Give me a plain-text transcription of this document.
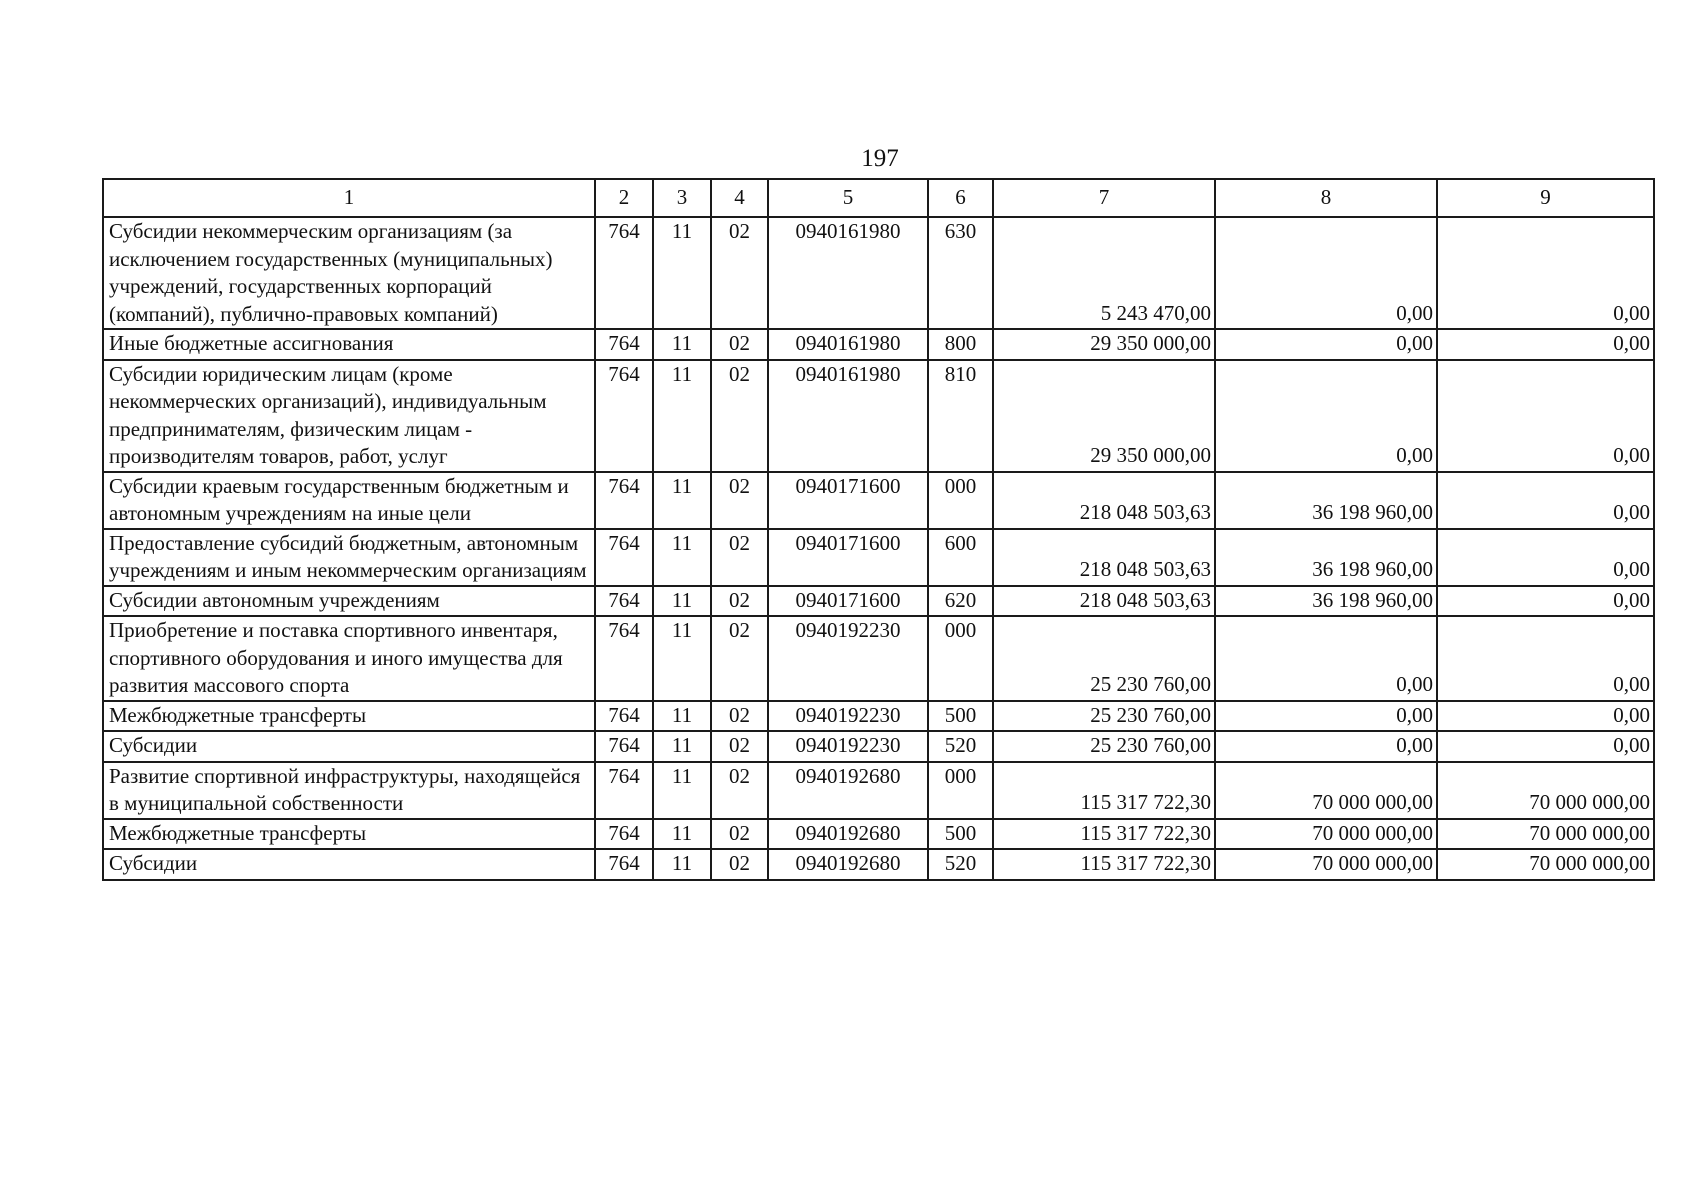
197
1	2	3	4	5	6	7	8	9
Субсидии некоммерческим организациям (за исключением государственных (муниципальных) учреждений, государственных корпораций (компаний), публично-правовых компаний)	764	11	02	0940161980	630	5 243 470,00	0,00	0,00
Иные бюджетные ассигнования	764	11	02	0940161980	800	29 350 000,00	0,00	0,00
Субсидии юридическим лицам (кроме некоммерческих организаций), индивидуальным предпринимателям, физическим лицам - производителям товаров, работ, услуг	764	11	02	0940161980	810	29 350 000,00	0,00	0,00
Субсидии краевым государственным бюджетным и автономным учреждениям на иные цели	764	11	02	0940171600	000	218 048 503,63	36 198 960,00	0,00
Предоставление субсидий бюджетным, автономным учреждениям и иным некоммерческим организациям	764	11	02	0940171600	600	218 048 503,63	36 198 960,00	0,00
Субсидии автономным учреждениям	764	11	02	0940171600	620	218 048 503,63	36 198 960,00	0,00
Приобретение и поставка спортивного инвентаря, спортивного оборудования и иного имущества для развития массового спорта	764	11	02	0940192230	000	25 230 760,00	0,00	0,00
Межбюджетные трансферты	764	11	02	0940192230	500	25 230 760,00	0,00	0,00
Субсидии	764	11	02	0940192230	520	25 230 760,00	0,00	0,00
Развитие спортивной инфраструктуры, находящейся в муниципальной собственности	764	11	02	0940192680	000	115 317 722,30	70 000 000,00	70 000 000,00
Межбюджетные трансферты	764	11	02	0940192680	500	115 317 722,30	70 000 000,00	70 000 000,00
Субсидии	764	11	02	0940192680	520	115 317 722,30	70 000 000,00	70 000 000,00
